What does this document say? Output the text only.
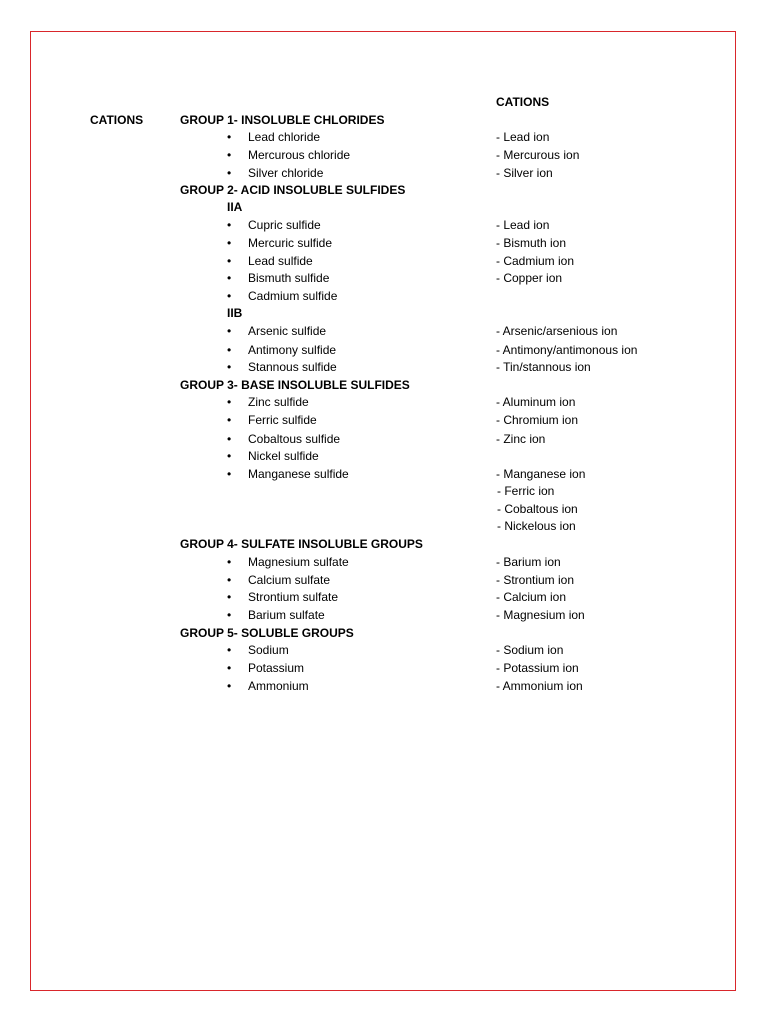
CATIONS
CATIONS	GROUP 1- INSOLUBLE CHLORIDES
• Lead chloride	- Lead ion
• Mercurous chloride	- Mercurous ion
• Silver chloride	- Silver ion
GROUP 2- ACID INSOLUBLE SULFIDES
IIA
• Cupric sulfide	- Lead ion
• Mercuric sulfide	- Bismuth ion
• Lead sulfide	- Cadmium ion
• Bismuth sulfide	- Copper ion
• Cadmium sulfide
IIB
• Arsenic sulfide	- Arsenic/arsenious ion
• Antimony sulfide	- Antimony/antimonous ion
• Stannous sulfide	- Tin/stannous ion
GROUP 3- BASE INSOLUBLE SULFIDES
• Zinc sulfide	- Aluminum ion
• Ferric sulfide	- Chromium ion
• Cobaltous sulfide	- Zinc ion
• Nickel sulfide
• Manganese sulfide	- Manganese ion
- Ferric ion
- Cobaltous ion
- Nickelous ion
GROUP 4- SULFATE INSOLUBLE GROUPS
• Magnesium sulfate	- Barium ion
• Calcium sulfate	- Strontium ion
• Strontium sulfate	- Calcium ion
• Barium sulfate	- Magnesium ion
GROUP 5- SOLUBLE GROUPS
• Sodium	- Sodium ion
• Potassium	- Potassium ion
• Ammonium	- Ammonium ion
